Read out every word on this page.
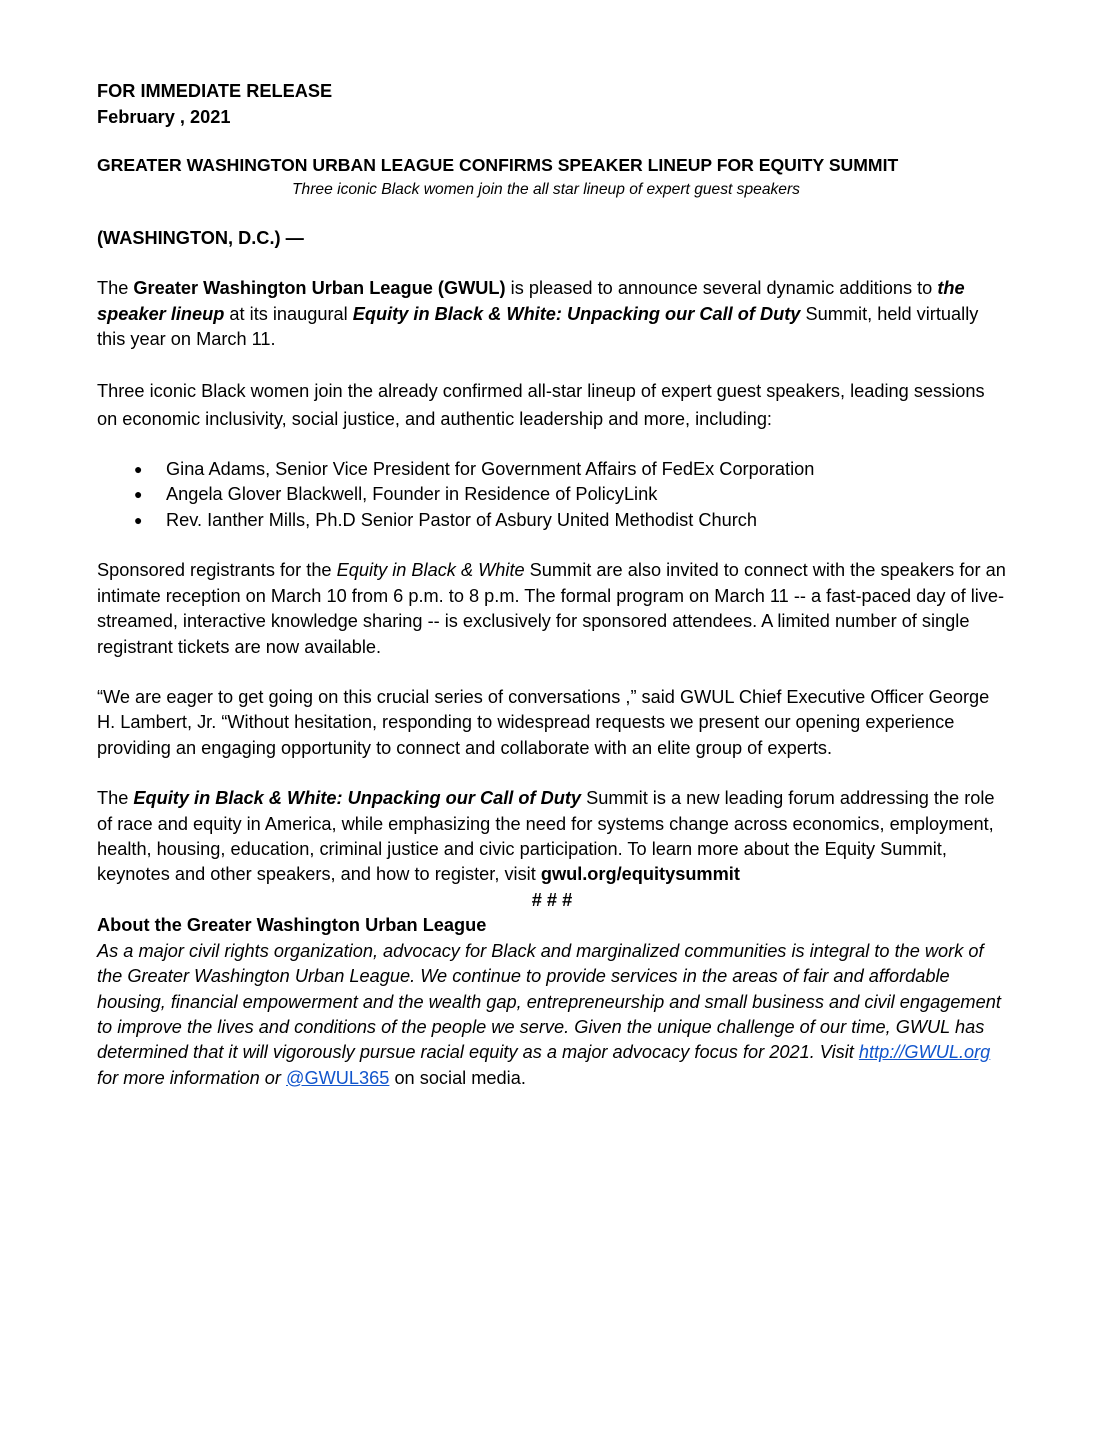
FOR IMMEDIATE RELEASE
February , 2021

GREATER WASHINGTON URBAN LEAGUE CONFIRMS SPEAKER LINEUP FOR EQUITY SUMMIT

Three iconic Black women join the all star lineup of expert guest speakers

(WASHINGTON, D.C.) —

The Greater Washington Urban League (GWUL) is pleased to announce several dynamic additions to the speaker lineup at its inaugural Equity in Black & White: Unpacking our Call of Duty Summit, held virtually this year on March 11.

Three iconic Black women join the already confirmed all-star lineup of expert guest speakers, leading sessions on economic inclusivity, social justice, and authentic leadership and more, including:

● Gina Adams, Senior Vice President for Government Affairs of FedEx Corporation
● Angela Glover Blackwell, Founder in Residence of PolicyLink
● Rev. Ianther Mills, Ph.D Senior Pastor of Asbury United Methodist Church

Sponsored registrants for the Equity in Black & White Summit are also invited to connect with the speakers for an intimate reception on March 10 from 6 p.m. to 8 p.m. The formal program on March 11 -- a fast-paced day of live-streamed, interactive knowledge sharing -- is exclusively for sponsored attendees. A limited number of single registrant tickets are now available.

“We are eager to get going on this crucial series of conversations ,” said GWUL Chief Executive Officer George H. Lambert, Jr. “Without hesitation, responding to widespread requests we present our opening experience providing an engaging opportunity to connect and collaborate with an elite group of experts.

The Equity in Black & White: Unpacking our Call of Duty Summit is a new leading forum addressing the role of race and equity in America, while emphasizing the need for systems change across economics, employment, health, housing, education, criminal justice and civic participation. To learn more about the Equity Summit, keynotes and other speakers, and how to register, visit gwul.org/equitysummit

# # #

About the Greater Washington Urban League

As a major civil rights organization, advocacy for Black and marginalized communities is integral to the work of the Greater Washington Urban League. We continue to provide services in the areas of fair and affordable housing, financial empowerment and the wealth gap, entrepreneurship and small business and civil engagement to improve the lives and conditions of the people we serve. Given the unique challenge of our time, GWUL has determined that it will vigorously pursue racial equity as a major advocacy focus for 2021. Visit http://GWUL.org for more information or @GWUL365 on social media.
